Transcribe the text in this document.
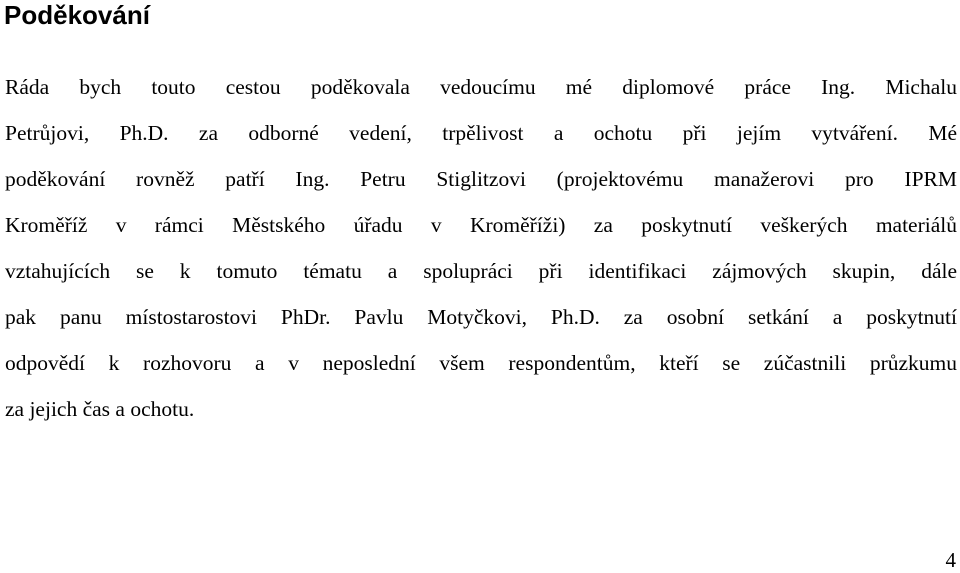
Poděkování
Ráda bych touto cestou poděkovala vedoucímu mé diplomové práce Ing. Michalu
Petrůjovi, Ph.D. za odborné vedení, trpělivost a ochotu při jejím vytváření. Mé
poděkování rovněž patří Ing. Petru Stiglitzovi (projektovému manažerovi pro IPRM
Kroměříž v rámci Městského úřadu v Kroměříži) za poskytnutí veškerých materiálů
vztahujících se k tomuto tématu a spolupráci při identifikaci zájmových skupin, dále
pak panu místostarostovi PhDr. Pavlu Motyčkovi, Ph.D. za osobní setkání a poskytnutí
odpovědí k rozhovoru a v neposlední všem respondentům, kteří se zúčastnili průzkumu
za jejich čas a ochotu.
4
